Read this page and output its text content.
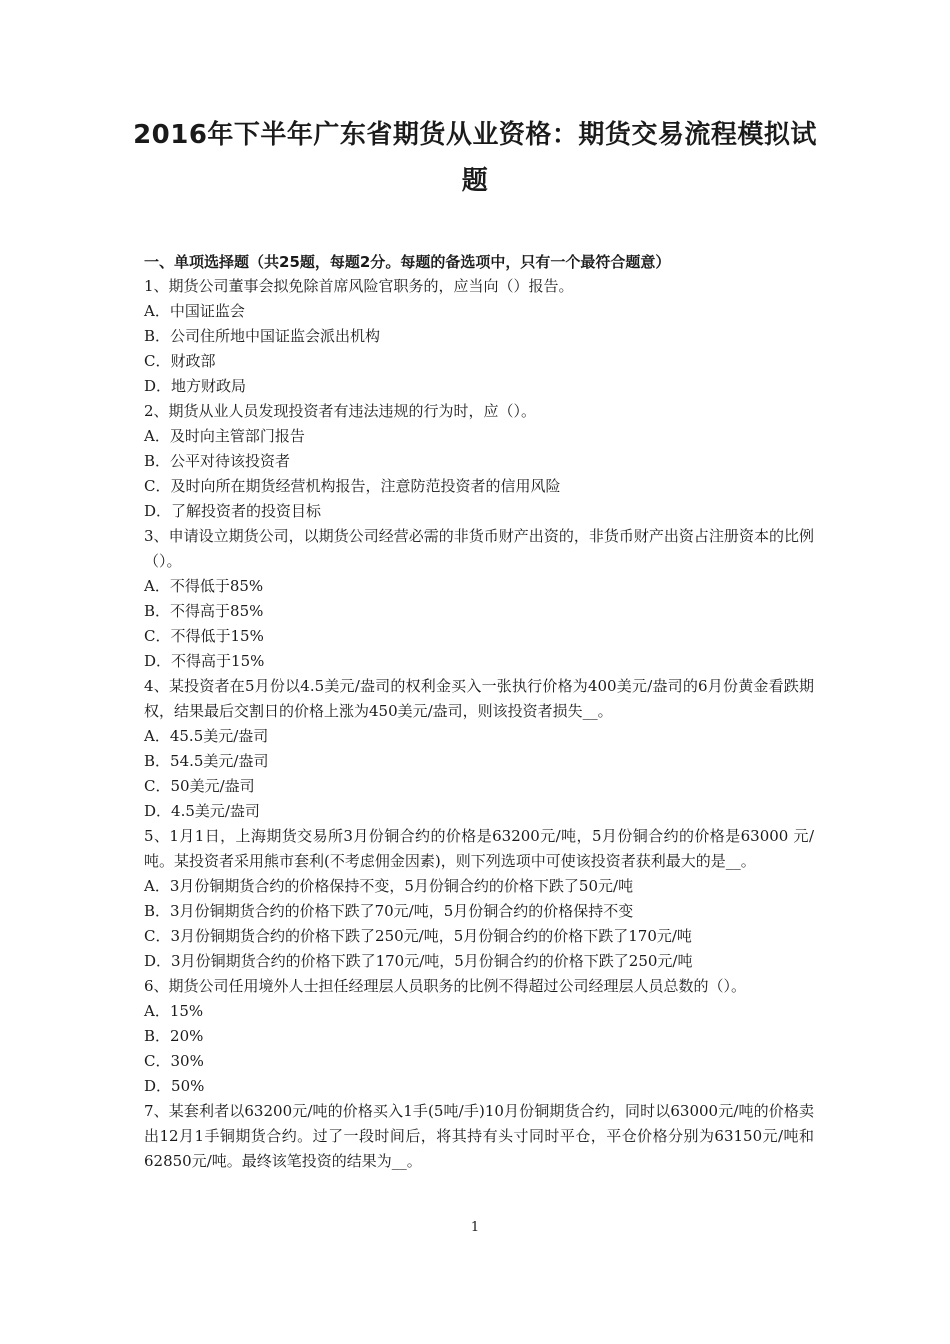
2016年下半年广东省期货从业资格：期货交易流程模拟试题
一、单项选择题（共25题，每题2分。每题的备选项中，只有一个最符合题意）

1、期货公司董事会拟免除首席风险官职务的，应当向（）报告。

A．中国证监会

B．公司住所地中国证监会派出机构

C．财政部

D．地方财政局

2、期货从业人员发现投资者有违法违规的行为时，应（）。

A．及时向主管部门报告

B．公平对待该投资者

C．及时向所在期货经营机构报告，注意防范投资者的信用风险

D．了解投资者的投资目标

3、申请设立期货公司，以期货公司经营必需的非货币财产出资的，非货币财产出资占注册资本的比例（）。

A．不得低于85%

B．不得高于85%

C．不得低于15%

D．不得高于15%

4、某投资者在5月份以4.5美元/盎司的权利金买入一张执行价格为400美元/盎司的6月份黄金看跌期权，结果最后交割日的价格上涨为450美元/盎司，则该投资者损失__。

A．45.5美元/盎司

B．54.5美元/盎司

C．50美元/盎司

D．4.5美元/盎司

5、1月1日，上海期货交易所3月份铜合约的价格是63200元/吨，5月份铜合约的价格是63000 元/吨。某投资者采用熊市套利(不考虑佣金因素)，则下列选项中可使该投资者获利最大的是__。

A．3月份铜期货合约的价格保持不变，5月份铜合约的价格下跌了50元/吨

B．3月份铜期货合约的价格下跌了70元/吨，5月份铜合约的价格保持不变

C．3月份铜期货合约的价格下跌了250元/吨，5月份铜合约的价格下跌了170元/吨

D．3月份铜期货合约的价格下跌了170元/吨，5月份铜合约的价格下跌了250元/吨

6、期货公司任用境外人士担任经理层人员职务的比例不得超过公司经理层人员总数的（）。

A．15%

B．20%

C．30%

D．50%

7、某套利者以63200元/吨的价格买入1手(5吨/手)10月份铜期货合约，同时以63000元/吨的价格卖出12月1手铜期货合约。过了一段时间后，将其持有头寸同时平仓，平仓价格分别为63150元/吨和62850元/吨。最终该笔投资的结果为__。

1
